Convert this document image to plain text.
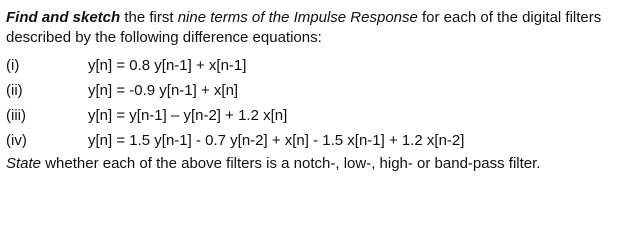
Find and sketch the first nine terms of the Impulse Response for each of the digital filters described by the following difference equations:

(i)	y[n] = 0.8 y[n-1] + x[n-1]
(ii)	y[n] = -0.9 y[n-1] + x[n]
(iii)	y[n] = y[n-1] – y[n-2] + 1.2 x[n]
(iv)	y[n] = 1.5 y[n-1] - 0.7 y[n-2] + x[n] - 1.5 x[n-1] + 1.2 x[n-2]

State whether each of the above filters is a notch-, low-, high- or band-pass filter.
